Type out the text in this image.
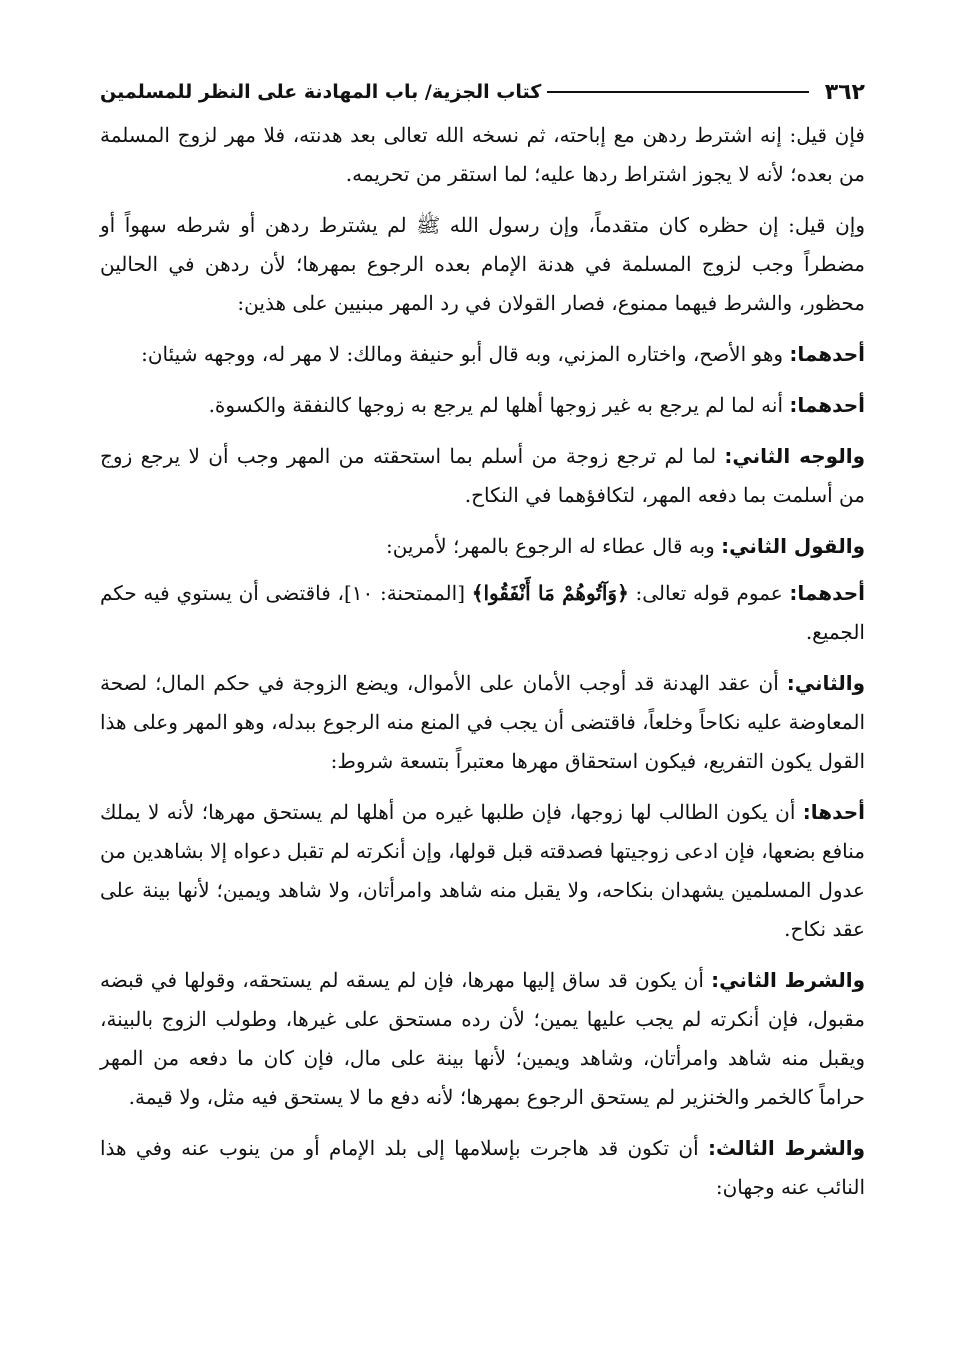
٣٦٢
كتاب الجزية/ باب المهادنة على النظر للمسلمين

فإن قيل: إنه اشترط ردهن مع إباحته، ثم نسخه الله تعالى بعد هدنته، فلا مهر لزوج المسلمة من بعده؛ لأنه لا يجوز اشتراط ردها عليه؛ لما استقر من تحريمه.

وإن قيل: إن حظره كان متقدماً، وإن رسول الله ﷺ لم يشترط ردهن أو شرطه سهواً أو مضطراً وجب لزوج المسلمة في هدنة الإمام بعده الرجوع بمهرها؛ لأن ردهن في الحالين محظور، والشرط فيهما ممنوع، فصار القولان في رد المهر مبنيين على هذين:

أحدهما: وهو الأصح، واختاره المزني، وبه قال أبو حنيفة ومالك: لا مهر له، ووجهه شيئان:

أحدهما: أنه لما لم يرجع به غير زوجها أهلها لم يرجع به زوجها كالنفقة والكسوة.

والوجه الثاني: لما لم ترجع زوجة من أسلم بما استحقته من المهر وجب أن لا يرجع زوج من أسلمت بما دفعه المهر، لتكافؤهما في النكاح.

والقول الثاني: وبه قال عطاء له الرجوع بالمهر؛ لأمرين:

أحدهما: عموم قوله تعالى: ﴿وَآتُوهُمْ مَا أَنْفَقُوا﴾ [الممتحنة: ١٠]، فاقتضى أن يستوي فيه حكم الجميع.

والثاني: أن عقد الهدنة قد أوجب الأمان على الأموال، ويضع الزوجة في حكم المال؛ لصحة المعاوضة عليه نكاحاً وخلعاً، فاقتضى أن يجب في المنع منه الرجوع ببدله، وهو المهر وعلى هذا القول يكون التفريع، فيكون استحقاق مهرها معتبراً بتسعة شروط:

أحدها: أن يكون الطالب لها زوجها، فإن طلبها غيره من أهلها لم يستحق مهرها؛ لأنه لا يملك منافع بضعها، فإن ادعى زوجيتها فصدقته قبل قولها، وإن أنكرته لم تقبل دعواه إلا بشاهدين من عدول المسلمين يشهدان بنكاحه، ولا يقبل منه شاهد وامرأتان، ولا شاهد ويمين؛ لأنها بينة على عقد نكاح.

والشرط الثاني: أن يكون قد ساق إليها مهرها، فإن لم يسقه لم يستحقه، وقولها في قبضه مقبول، فإن أنكرته لم يجب عليها يمين؛ لأن رده مستحق على غيرها، وطولب الزوج بالبينة، ويقبل منه شاهد وامرأتان، وشاهد ويمين؛ لأنها بينة على مال، فإن كان ما دفعه من المهر حراماً كالخمر والخنزير لم يستحق الرجوع بمهرها؛ لأنه دفع ما لا يستحق فيه مثل، ولا قيمة.

والشرط الثالث: أن تكون قد هاجرت بإسلامها إلى بلد الإمام أو من ينوب عنه وفي هذا النائب عنه وجهان:
